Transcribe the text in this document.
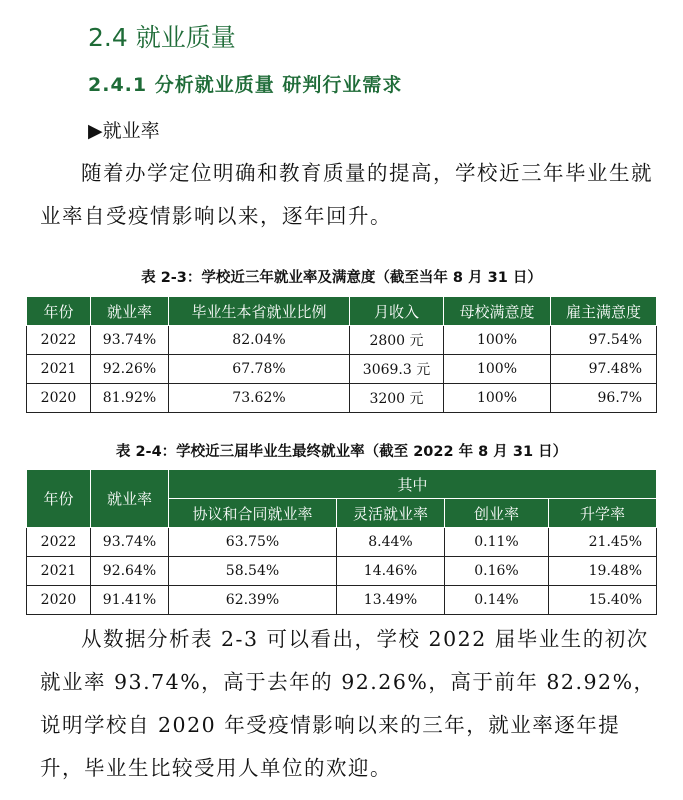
2.4 就业质量
2.4.1 分析就业质量 研判行业需求
▶就业率

随着办学定位明确和教育质量的提高，学校近三年毕业生就业率自受疫情影响以来，逐年回升。

表 2-3：学校近三年就业率及满意度（截至当年 8 月 31 日）
年份	就业率	毕业生本省就业比例	月收入	母校满意度	雇主满意度
2022	93.74%	82.04%	2800 元	100%	97.54%
2021	92.26%	67.78%	3069.3 元	100%	97.48%
2020	81.92%	73.62%	3200 元	100%	96.7%
表 2-4：学校近三届毕业生最终就业率（截至 2022 年 8 月 31 日）
年份	就业率	其中			
		协议和合同就业率	灵活就业率	创业率	升学率
2022	93.74%	63.75%	8.44%	0.11%	21.45%
2021	92.64%	58.54%	14.46%	0.16%	19.48%
2020	91.41%	62.39%	13.49%	0.14%	15.40%

从数据分析表 2-3 可以看出，学校 2022 届毕业生的初次就业率 93.74%，高于去年的 92.26%，高于前年 82.92%，说明学校自 2020 年受疫情影响以来的三年，就业率逐年提升，毕业生比较受用人单位的欢迎。
